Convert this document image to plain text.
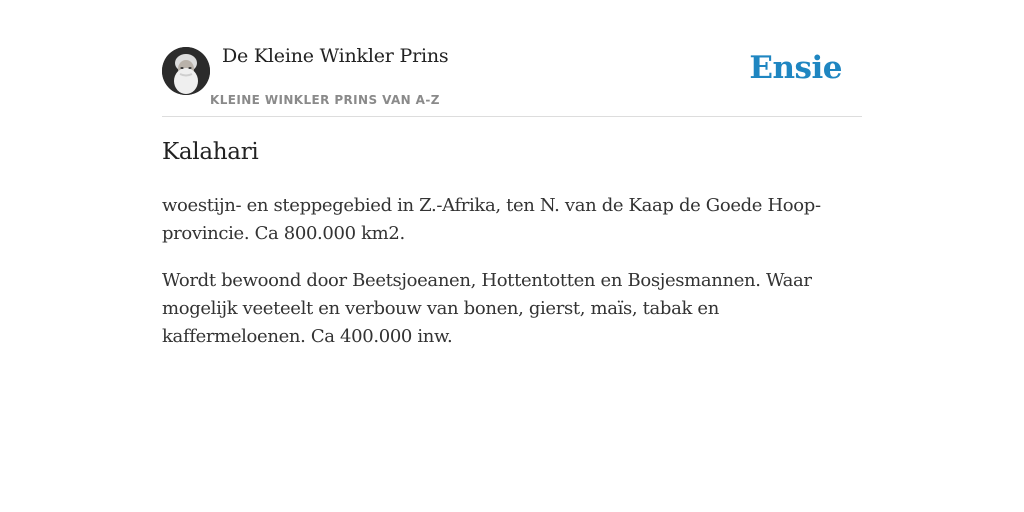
De Kleine Winkler Prins
KLEINE WINKLER PRINS VAN A-Z
Ensie
Kalahari

woestijn- en steppegebied in Z.-Afrika, ten N. van de Kaap de Goede Hoop-provincie. Ca 800.000 km2.

Wordt bewoond door Beetsjoeanen, Hottentotten en Bosjesmannen. Waar mogelijk veeteelt en verbouw van bonen, gierst, maïs, tabak en kaffermeloenen. Ca 400.000 inw.
